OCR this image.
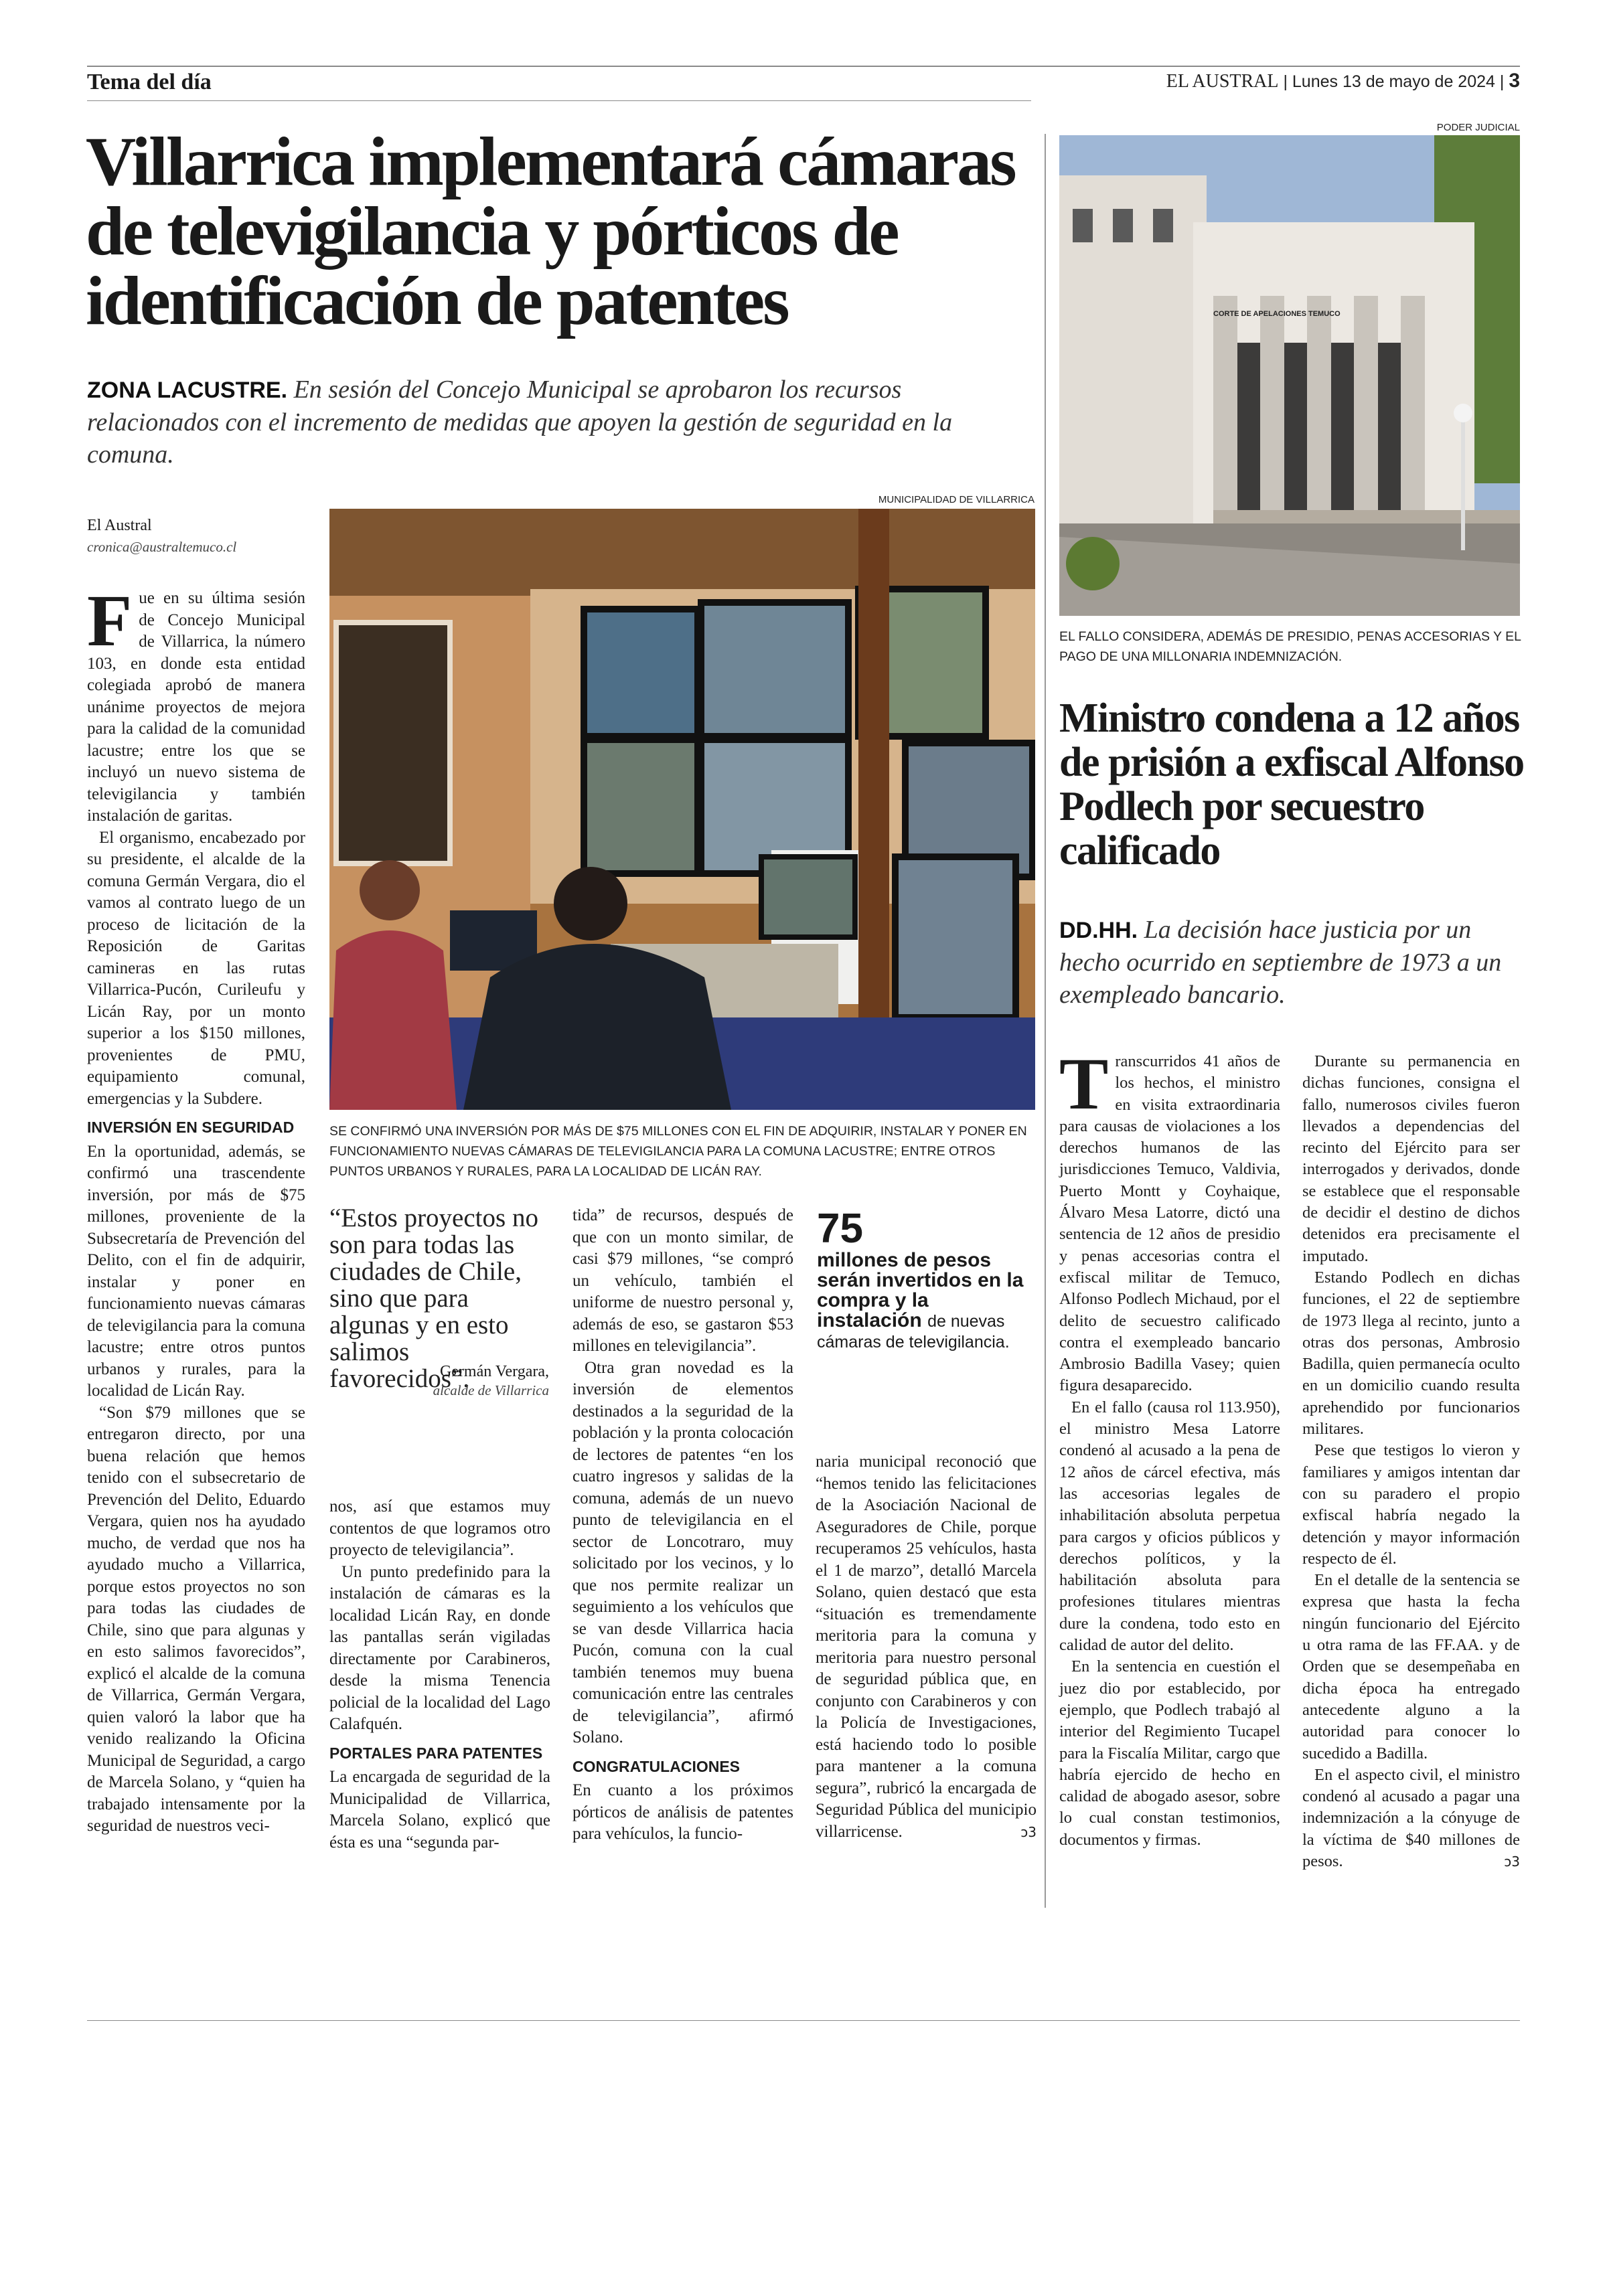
Tema del día	EL AUSTRAL | Lunes 13 de mayo de 2024 | 3
Villarrica implementará cámaras de televigilancia y pórticos de identificación de patentes
ZONA LACUSTRE. En sesión del Concejo Municipal se aprobaron los recursos relacionados con el incremento de medidas que apoyen la gestión de seguridad en la comuna.
El Austral
cronica@australtemuco.cl
MUNICIPALIDAD DE VILLARRICA
SE CONFIRMÓ UNA INVERSIÓN POR MÁS DE $75 MILLONES CON EL FIN DE ADQUIRIR, INSTALAR Y PONER EN FUNCIONAMIENTO NUEVAS CÁMARAS DE TELEVIGILANCIA PARA LA COMUNA LACUSTRE; ENTRE OTROS PUNTOS URBANOS Y RURALES, PARA LA LOCALIDAD DE LICÁN RAY.

Fue en su última sesión de Concejo Municipal de Villarrica, la número 103, en donde esta entidad colegiada aprobó de manera unánime proyectos de mejora para la calidad de la comunidad lacustre; entre los que se incluyó un nuevo sistema de televigilancia y también instalación de garitas.

El organismo, encabezado por su presidente, el alcalde de la comuna Germán Vergara, dio el vamos al contrato luego de un proceso de licitación de la Reposición de Garitas camineras en las rutas Villarrica-Pucón, Curileufu y Licán Ray, por un monto superior a los $150 millones, provenientes de PMU, equipamiento comunal, emergencias y la Subdere.

INVERSIÓN EN SEGURIDAD

En la oportunidad, además, se confirmó una trascendente inversión, por más de $75 millones, proveniente de la Subsecretaría de Prevención del Delito, con el fin de adquirir, instalar y poner en funcionamiento nuevas cámaras de televigilancia para la comuna lacustre; entre otros puntos urbanos y rurales, para la localidad de Licán Ray.

“Son $79 millones que se entregaron directo, por una buena relación que hemos tenido con el subsecretario de Prevención del Delito, Eduardo Vergara, quien nos ha ayudado mucho, de verdad que nos ha ayudado mucho a Villarrica, porque estos proyectos no son para todas las ciudades de Chile, sino que para algunas y en esto salimos favorecidos”, explicó el alcalde de la comuna de Villarrica, Germán Vergara, quien valoró la labor que ha venido realizando la Oficina Municipal de Seguridad, a cargo de Marcela Solano, y “quien ha trabajado intensamente por la seguridad de nuestros veci-

“Estos proyectos no son para todas las ciudades de Chile, sino que para algunas y en esto salimos favorecidos”.
Germán Vergara,
alcalde de Villarrica

nos, así que estamos muy contentos de que logramos otro proyecto de televigilancia”.

Un punto predefinido para la instalación de cámaras es la localidad Licán Ray, en donde las pantallas serán vigiladas directamente por Carabineros, desde la misma Tenencia policial de la localidad del Lago Calafquén.

PORTALES PARA PATENTES

La encargada de seguridad de la Municipalidad de Villarrica, Marcela Solano, explicó que ésta es una “segunda par-

tida” de recursos, después de que con un monto similar, de casi $79 millones, “se compró un vehículo, también el uniforme de nuestro personal y, además de eso, se gastaron $53 millones en televigilancia”.

Otra gran novedad es la inversión de elementos destinados a la seguridad de la población y la pronta colocación de lectores de patentes “en los cuatro ingresos y salidas de la comuna, además de un nuevo punto de televigilancia en el sector de Loncotraro, muy solicitado por los vecinos, y lo que nos permite realizar un seguimiento a los vehículos que se van desde Villarrica hacia Pucón, comuna con la cual también tenemos muy buena comunicación entre las centrales de televigilancia”, afirmó Solano.

CONGRATULACIONES

En cuanto a los próximos pórticos de análisis de patentes para vehículos, la funcio-

75
millones de pesos serán invertidos en la compra y la instalación de nuevas cámaras de televigilancia.

naria municipal reconoció que “hemos tenido las felicitaciones de la Asociación Nacional de Aseguradores de Chile, porque recuperamos 25 vehículos, hasta el 1 de marzo”, detalló Marcela Solano, quien destacó que esta “situación es tremendamente meritoria para la comuna y meritoria para nuestro personal de seguridad pública que, en conjunto con Carabineros y con la Policía de Investigaciones, está haciendo todo lo posible para mantener a la comuna segura”, rubricó la encargada de Seguridad Pública del municipio villarricense.	ↄ3

PODER JUDICIAL
CORTE DE APELACIONES TEMUCO
EL FALLO CONSIDERA, ADEMÁS DE PRESIDIO, PENAS ACCESORIAS Y EL PAGO DE UNA MILLONARIA INDEMNIZACIÓN.
Ministro condena a 12 años de prisión a exfiscal Alfonso Podlech por secuestro calificado
DD.HH. La decisión hace justicia por un hecho ocurrido en septiembre de 1973 a un exempleado bancario.

Transcurridos 41 años de los hechos, el ministro en visita extraordinaria para causas de violaciones a los derechos humanos de las jurisdicciones Temuco, Valdivia, Puerto Montt y Coyhaique, Álvaro Mesa Latorre, dictó una sentencia de 12 años de presidio y penas accesorias contra el exfiscal militar de Temuco, Alfonso Podlech Michaud, por el delito de secuestro calificado contra el exempleado bancario Ambrosio Badilla Vasey; quien figura desaparecido.

En el fallo (causa rol 113.950), el ministro Mesa Latorre condenó al acusado a la pena de 12 años de cárcel efectiva, más las accesorias legales de inhabilitación absoluta perpetua para cargos y oficios públicos y derechos políticos, y la habilitación absoluta para profesiones titulares mientras dure la condena, todo esto en calidad de autor del delito.

En la sentencia en cuestión el juez dio por establecido, por ejemplo, que Podlech trabajó al interior del Regimiento Tucapel para la Fiscalía Militar, cargo que habría ejercido de hecho en calidad de abogado asesor, sobre lo cual constan testimonios, documentos y firmas.

Durante su permanencia en dichas funciones, consigna el fallo, numerosos civiles fueron llevados a dependencias del recinto del Ejército para ser interrogados y derivados, donde se establece que el responsable de decidir el destino de dichos detenidos era precisamente el imputado.

Estando Podlech en dichas funciones, el 22 de septiembre de 1973 llega al recinto, junto a otras dos personas, Ambrosio Badilla, quien permanecía oculto en un domicilio cuando resulta aprehendido por funcionarios militares.

Pese que testigos lo vieron y familiares y amigos intentan dar con su paradero el propio exfiscal habría negado la detención y mayor información respecto de él.

En el detalle de la sentencia se expresa que hasta la fecha ningún funcionario del Ejército u otra rama de las FF.AA. y de Orden que se desempeñaba en dicha época ha entregado antecedente alguno a la autoridad para conocer lo sucedido a Badilla.

En el aspecto civil, el ministro condenó al acusado a pagar una indemnización a la cónyuge de la víctima de $40 millones de pesos.	ↄ3
